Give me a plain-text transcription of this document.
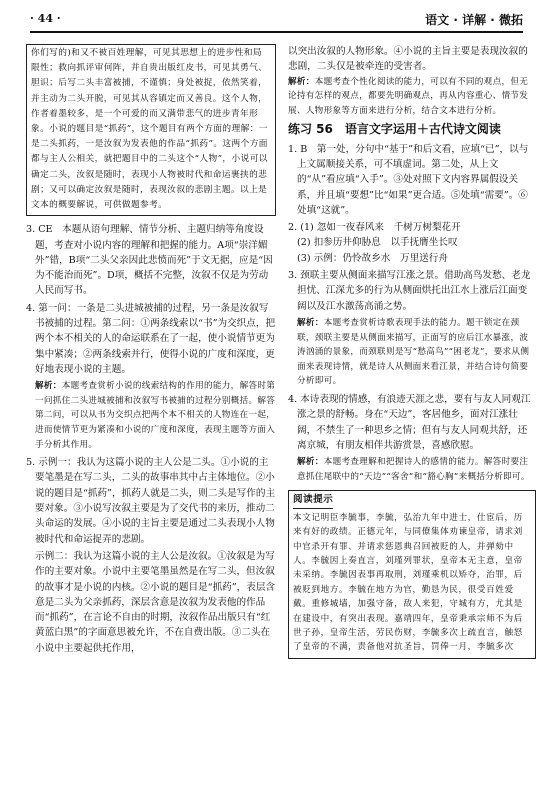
· 44 ·	语文 · 详解 · 微拓

你们写的)和又不被百姓理解，可见其思想上的进步性和局限性；救向抓评审何阵，并自贵出版红皮书，可见其勇气、胆识；后写二头丰富被捕，不谨慎；身处被捉，依然笑着，并主动为二头开脱，可见其从容镇定而又善良。这个人物，作者着墨较多，是一个可爱的而又满带悲气的进步青年形象。小说的题目是“抓药”，这个题目有两个方面的理解：一是二头抓药，一是汝叙为发表他的作品“抓药”。这两个方面都与主人公相关，就把题目中的二头这个“人物”，小说可以确定二头，汝叙是随时，表现小人物被时代和命运裹挟的悲剧；又可以确定汝叙是随时，表现汝叙的悲剧主题。以上是文本的概要解说，可供做题参考。

3. CE　本题从语句理解、情节分析、主题归纳等角度设题，考查对小说内容的理解和把握的能力。A项“崇洋媚外”错，B项“二头父亲因此悲愤而死”于文无据，应是“因为不能治而死”。D项，概括不完整，汝叙不仅是为劳动人民而写书。

4. 第一问：一条是二头进城被捕的过程，另一条是汝叙写书被捕的过程。第二问：①两条线索以“书”为交织点，把两个本不相关的人的命运联系在了一起，使小说情节更为集中紧凑；②两条线索并行，使得小说的广度和深度，更好地表现小说的主题。

解析：本题考查赏析小说的线索结构的作用的能力，解答时第一问抓住二头进城被捕和汝叙写书被捕的过程分别概括。解答第二问，可以从书为交织点把两个本不相关的人物连在一起，进而使情节更为紧凑和小说的广度和深度，表现主题等方面入手分析其作用。

5. 示例一：我认为这篇小说的主人公是二头。①小说的主要笔墨是在写二头，二头的故事串其中占主体地位。②小说的题目是“抓药”，抓药人就是二头，则二头是写作的主要对象。③小说写汝叙主要是为了交代书的来历，推动二头命运的发展。④小说的主旨主要是通过二头表现小人物被时代和命运捉弄的悲剧。

示例二：我认为这篇小说的主人公是汝叙。①汝叙是为写作的主要对象。小说中主要笔墨虽然是在写二头，但汝叙的故事才是小说的内核。②小说的题目是“抓药”，表层含意是二头为父亲抓药，深层含意是汝叙为发表他的作品而“抓药”，在言论不自由的时期，汝叙作品出版只有“红黄蓝白黑”的字面意思被允许，不在自费出版。③二头在小说中主要起供托作用，

以突出汝叙的人物形象。④小说的主旨主要是表现汝叙的悲剧，二头仅是被牵连的受害者。

解析：本题考查个性化阅读的能力，可以有不同的观点，但无论持有怎样的观点，都要先明确观点，再从内容重心、情节发展、人物形象等方面来进行分析，结合文本进行分析。

练习 56　语言文字运用＋古代诗文阅读

1. B　第一处，分句中“基于”和后文看，应填“已”，以与上文属顺接关系，可不填虚词。第二处，从上文的“从”看应填“入手”。③处对照下文内容界属假设关系，并且填“要想”比“如果”更合适。⑤处填“需要”。⑥处填“这就”。

2. (1) 忽如一夜春风来　千树万树梨花开

(2) 扣参历井仰胁息　以手抚膺坐长叹

(3) 示例：仍怜故乡水　万里送行舟

3. 颈联主要从侧面来描写江涨之景。借助高鸟发愁、老龙担忧、江深尤多的行为从侧面烘托出江水上涨后江面变阔以及江水激荡高涌之势。

解析：本题考查赏析诗歌表现手法的能力。题干锁定在颈联，颈联主要是从侧面来描写，正面写的应后江水暴涨，波涛汹涌的景象，而颈联则是写“愁高鸟”“困老龙”，要求从侧面来表现诗情，就是诗人从侧面来看江景，并结合诗句简要分析即可。

4. 本诗表现的情感，有浪迹天涯之悲，要有与友人同观江涨之景的舒畅。身在“天边”，客居他乡，面对江涨壮阔，不禁生了一种思乡之情；但有与友人同观共舒，还离京城，有朋友相伴共游赏景，喜感欣慰。

解析：本题考查理解和把握诗人的感情的能力。解答时要注意抓住尾联中的“天边”“客舍”和“豁心胸”来概括分析即可。

阅读提示

本文记明臣李毓事，李毓，弘治九年中进士，仕宦后，历来有好的政绩。正德元年，与同僚集体劝谏皇帝，请求刘中官杀开有罪、并请求惩恩典召回被贬的人，并弹劾中人。李毓因上奏直言，刘瑾列罪状，皇帝本无主意，皇帝未采纳。李毓因表事再取刑，刘瑾乘机以矫夺，治罪，后被贬到地方。李毓在地方为官，勤恳为民，很受百姓爱戴。重修城墙，加强守备，敌人来犯，守城有方，尤其是在建设中，有突出表现。嘉靖四年，皇帝秉承宗师不为后世子孙，皇帝生活，劳民伤财，李毓多次上疏直言，触怒了皇帝的不满，责备他对抗圣旨，罚俸一月，李毓多次
